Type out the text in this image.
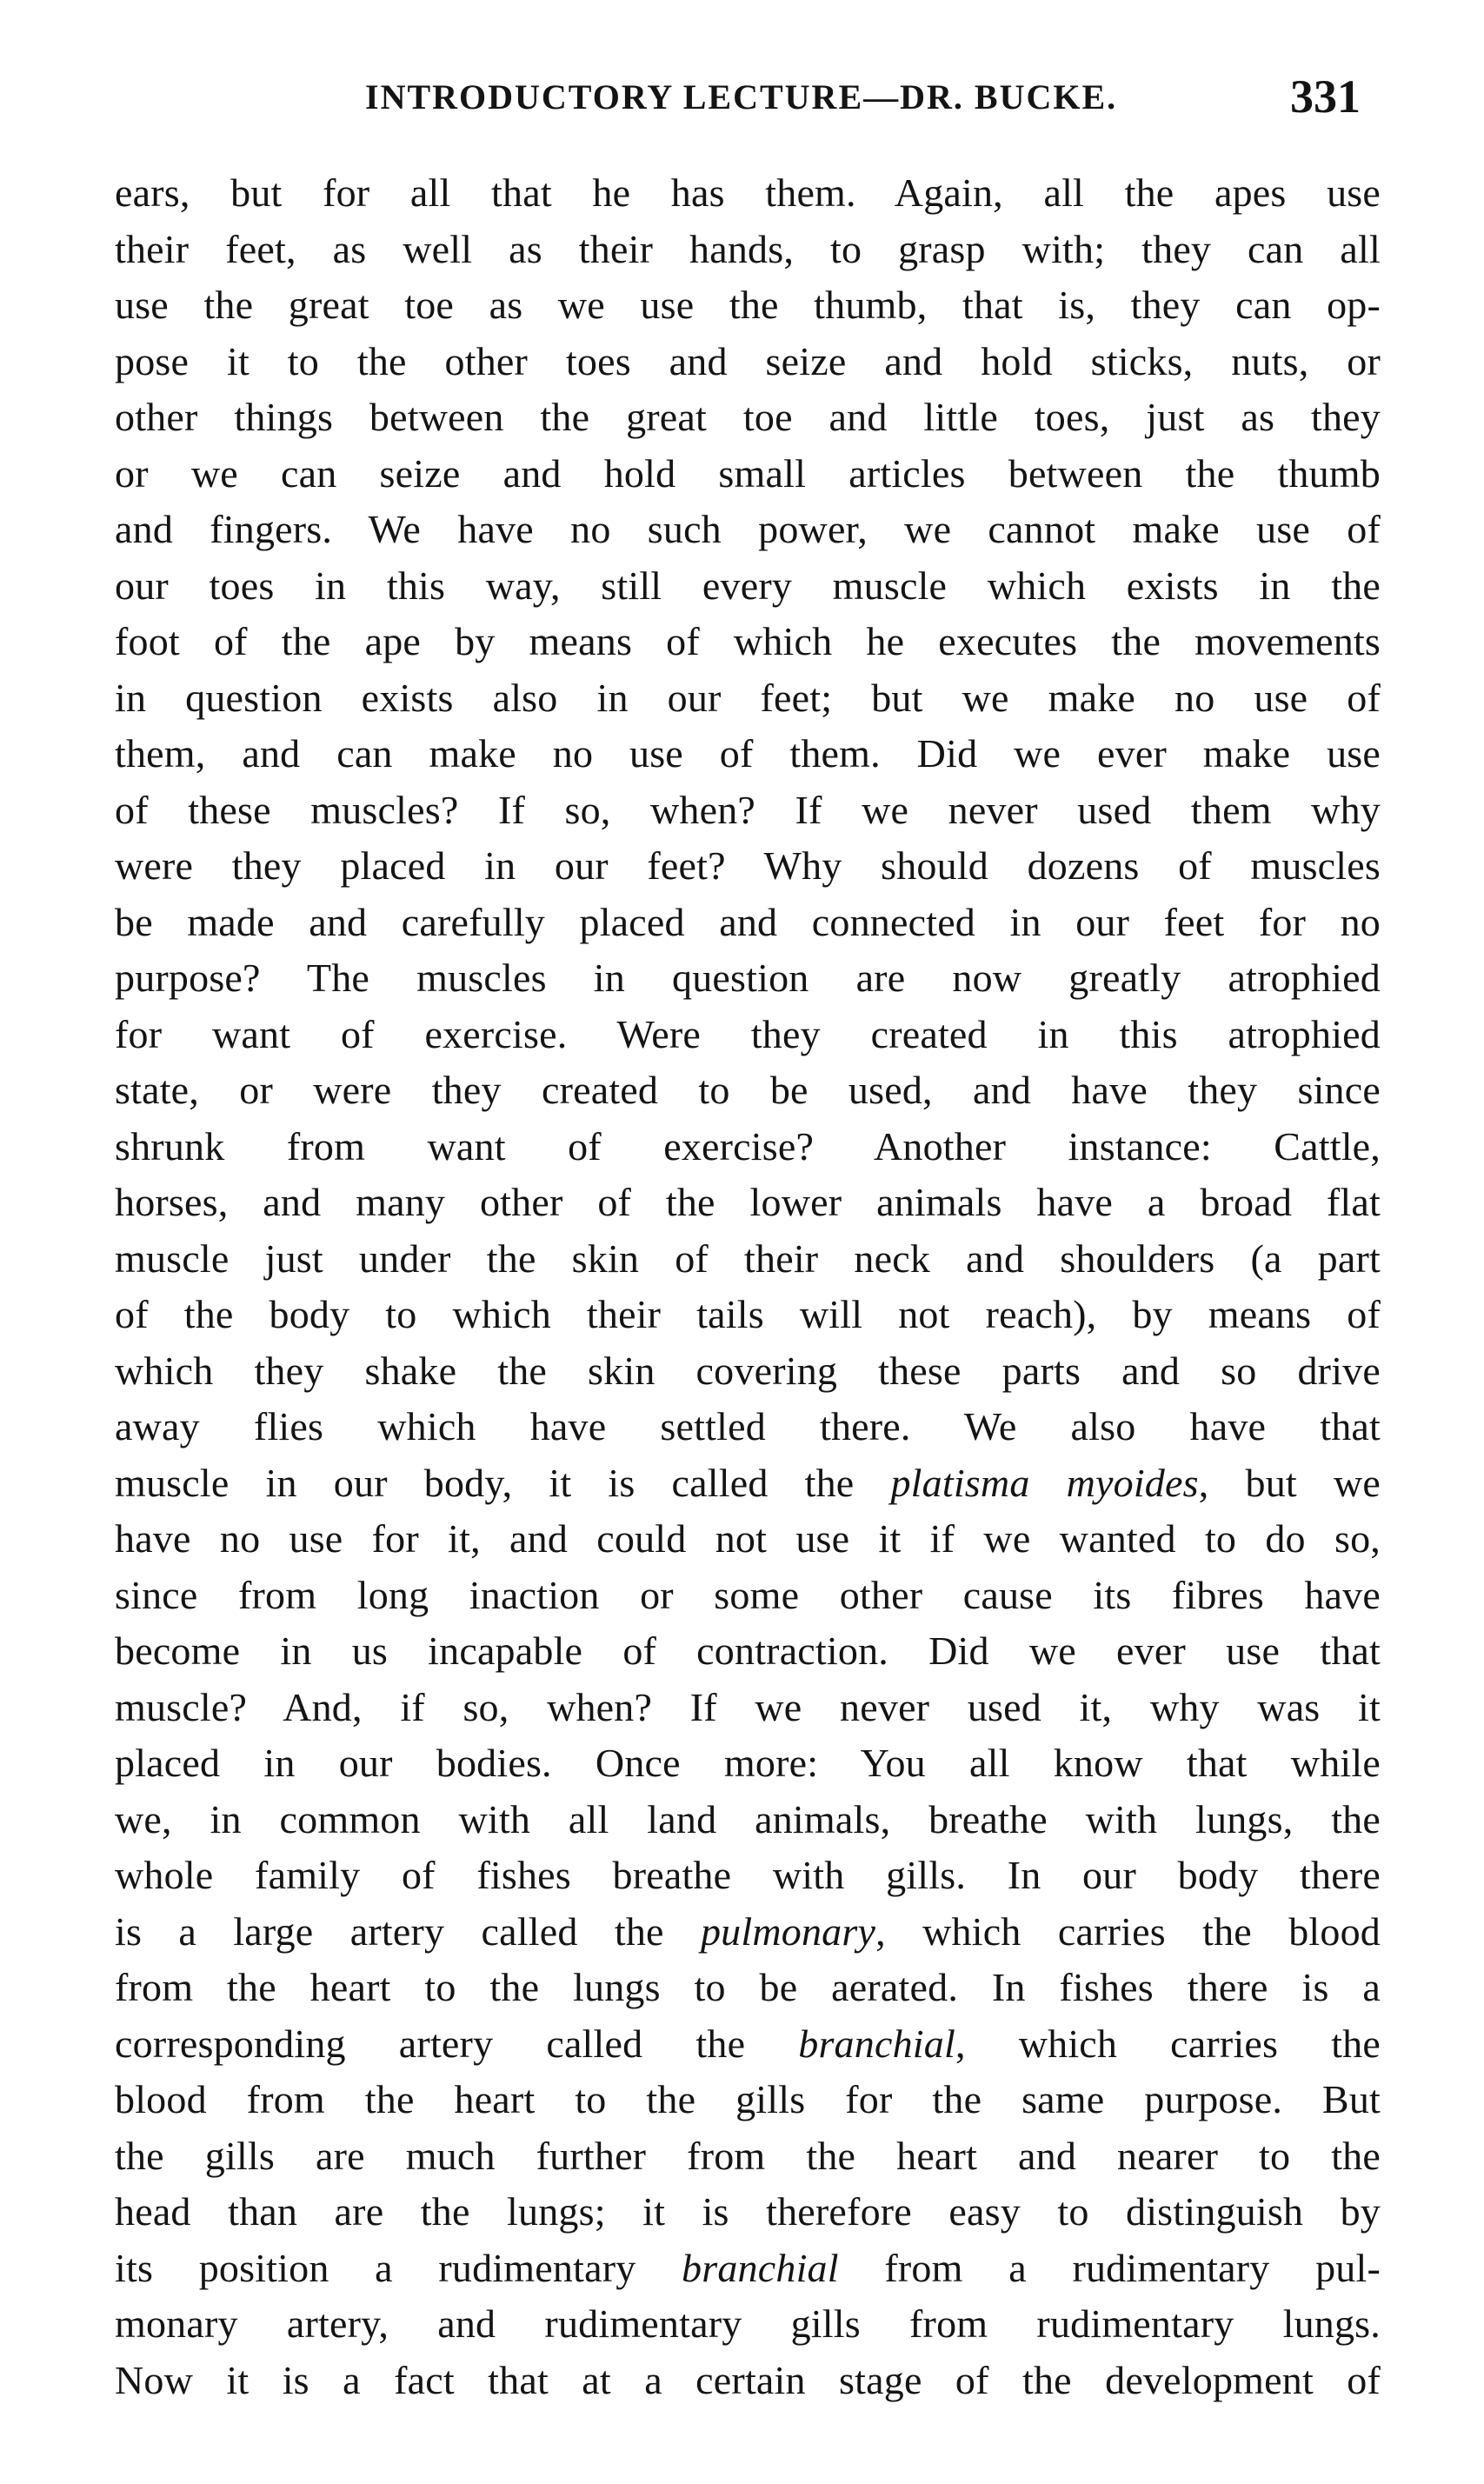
INTRODUCTORY LECTURE—DR. BUCKE.	331
ears, but for all that he has them. Again, all the apes use
their feet, as well as their hands, to grasp with; they can all
use the great toe as we use the thumb, that is, they can op-
pose it to the other toes and seize and hold sticks, nuts, or
other things between the great toe and little toes, just as they
or we can seize and hold small articles between the thumb
and fingers. We have no such power, we cannot make use of
our toes in this way, still every muscle which exists in the
foot of the ape by means of which he executes the movements
in question exists also in our feet; but we make no use of
them, and can make no use of them. Did we ever make use
of these muscles? If so, when? If we never used them why
were they placed in our feet? Why should dozens of muscles
be made and carefully placed and connected in our feet for no
purpose? The muscles in question are now greatly atrophied
for want of exercise. Were they created in this atrophied
state, or were they created to be used, and have they since
shrunk from want of exercise? Another instance: Cattle,
horses, and many other of the lower animals have a broad flat
muscle just under the skin of their neck and shoulders (a part
of the body to which their tails will not reach), by means of
which they shake the skin covering these parts and so drive
away flies which have settled there. We also have that
muscle in our body, it is called the platisma myoides, but we
have no use for it, and could not use it if we wanted to do so,
since from long inaction or some other cause its fibres have
become in us incapable of contraction. Did we ever use that
muscle? And, if so, when? If we never used it, why was it
placed in our bodies. Once more: You all know that while
we, in common with all land animals, breathe with lungs, the
whole family of fishes breathe with gills. In our body there
is a large artery called the pulmonary, which carries the blood
from the heart to the lungs to be aerated. In fishes there is a
corresponding artery called the branchial, which carries the
blood from the heart to the gills for the same purpose. But
the gills are much further from the heart and nearer to the
head than are the lungs; it is therefore easy to distinguish by
its position a rudimentary branchial from a rudimentary pul-
monary artery, and rudimentary gills from rudimentary lungs.
Now it is a fact that at a certain stage of the development of
